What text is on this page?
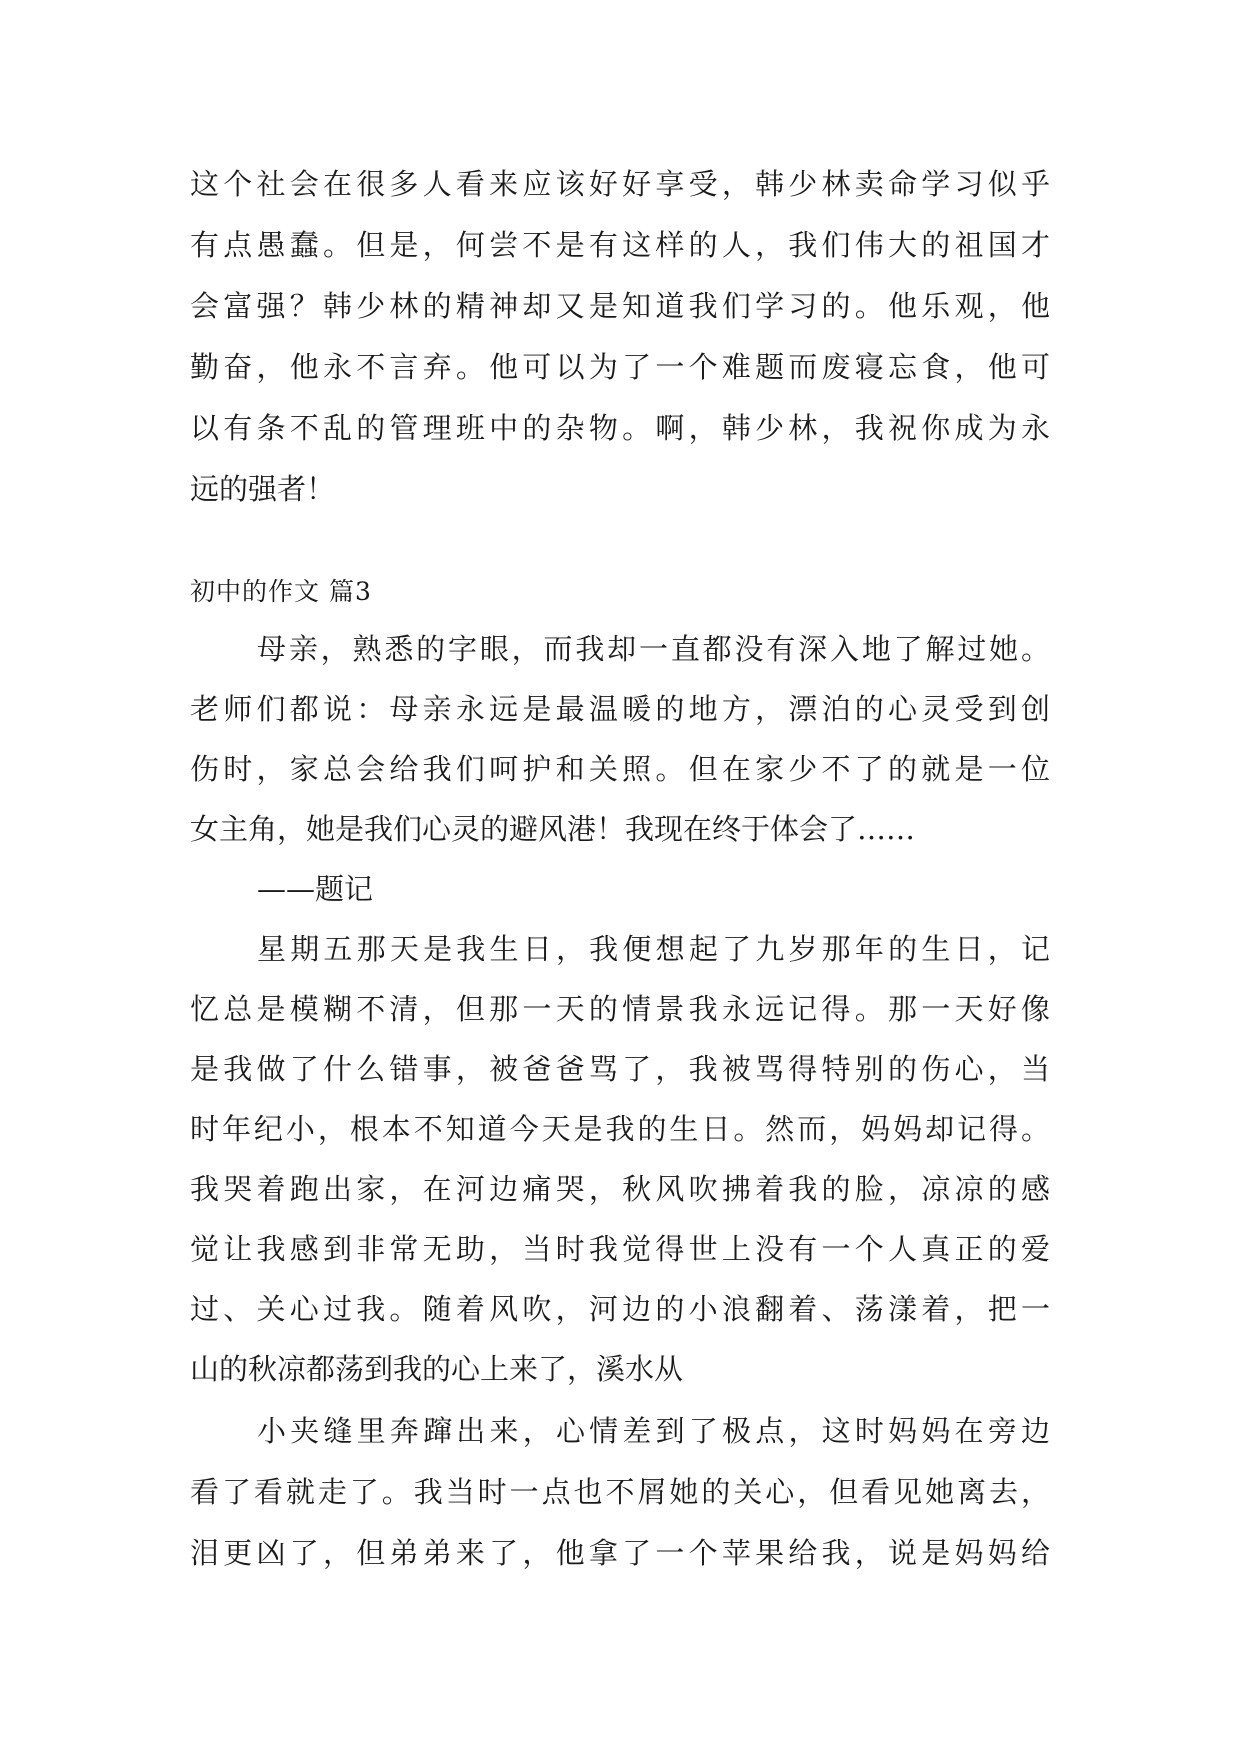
这个社会在很多人看来应该好好享受，韩少林卖命学习似乎
有点愚蠢。但是，何尝不是有这样的人，我们伟大的祖国才
会富强？韩少林的精神却又是知道我们学习的。他乐观，他
勤奋，他永不言弃。他可以为了一个难题而废寝忘食，他可
以有条不乱的管理班中的杂物。啊，韩少林，我祝你成为永
远的强者！
初中的作文 篇3
母亲，熟悉的字眼，而我却一直都没有深入地了解过她。
老师们都说：母亲永远是最温暖的地方，漂泊的心灵受到创
伤时，家总会给我们呵护和关照。但在家少不了的就是一位
女主角，她是我们心灵的避风港！我现在终于体会了……
——题记
星期五那天是我生日，我便想起了九岁那年的生日，记
忆总是模糊不清，但那一天的情景我永远记得。那一天好像
是我做了什么错事，被爸爸骂了，我被骂得特别的伤心，当
时年纪小，根本不知道今天是我的生日。然而，妈妈却记得。
我哭着跑出家，在河边痛哭，秋风吹拂着我的脸，凉凉的感
觉让我感到非常无助，当时我觉得世上没有一个人真正的爱
过、关心过我。随着风吹，河边的小浪翻着、荡漾着，把一
山的秋凉都荡到我的心上来了，溪水从
小夹缝里奔蹿出来，心情差到了极点，这时妈妈在旁边
看了看就走了。我当时一点也不屑她的关心，但看见她离去，
泪更凶了，但弟弟来了，他拿了一个苹果给我，说是妈妈给
